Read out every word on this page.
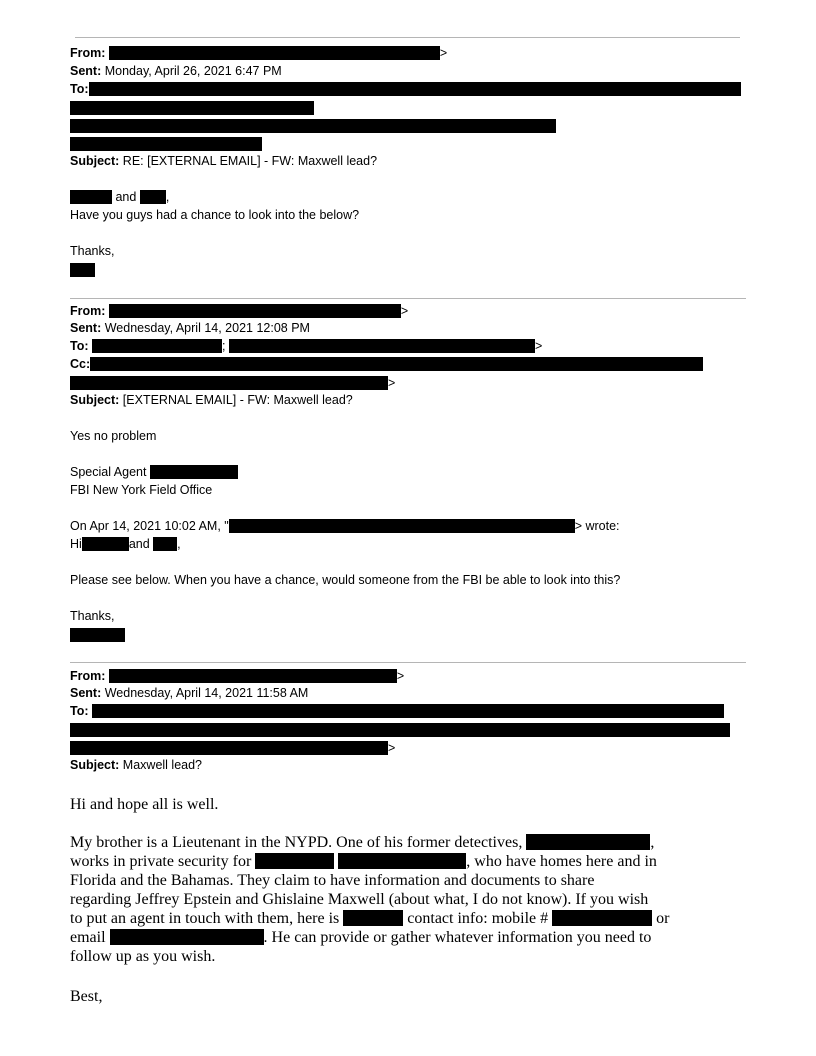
From:	>
Sent: Monday, April 26, 2021 6:47 PM
To:
Subject: RE: [EXTERNAL EMAIL] - FW: Maxwell lead?
and ,
Have you guys had a chance to look into the below?
Thanks,
From:	>
Sent: Wednesday, April 14, 2021 12:08 PM
To:	;	>
Cc:
>
Subject: [EXTERNAL EMAIL] - FW: Maxwell lead?
Yes no problem
Special Agent
FBI New York Field Office
On Apr 14, 2021 10:02 AM, "	> wrote:
Hi	and ,
Please see below. When you have a chance, would someone from the FBI be able to look into this?
Thanks,
From:	>
Sent: Wednesday, April 14, 2021 11:58 AM
To:
>
Subject: Maxwell lead?
Hi and hope all is well.
My brother is a Lieutenant in the NYPD. One of his former detectives,	,
works in private security for	, who have homes here and in
Florida and the Bahamas. They claim to have information and documents to share
regarding Jeffrey Epstein and Ghislaine Maxwell (about what, I do not know). If you wish
to put an agent in touch with them, here is	contact info: mobile #	or
email	. He can provide or gather whatever information you need to
follow up as you wish.
Best,
